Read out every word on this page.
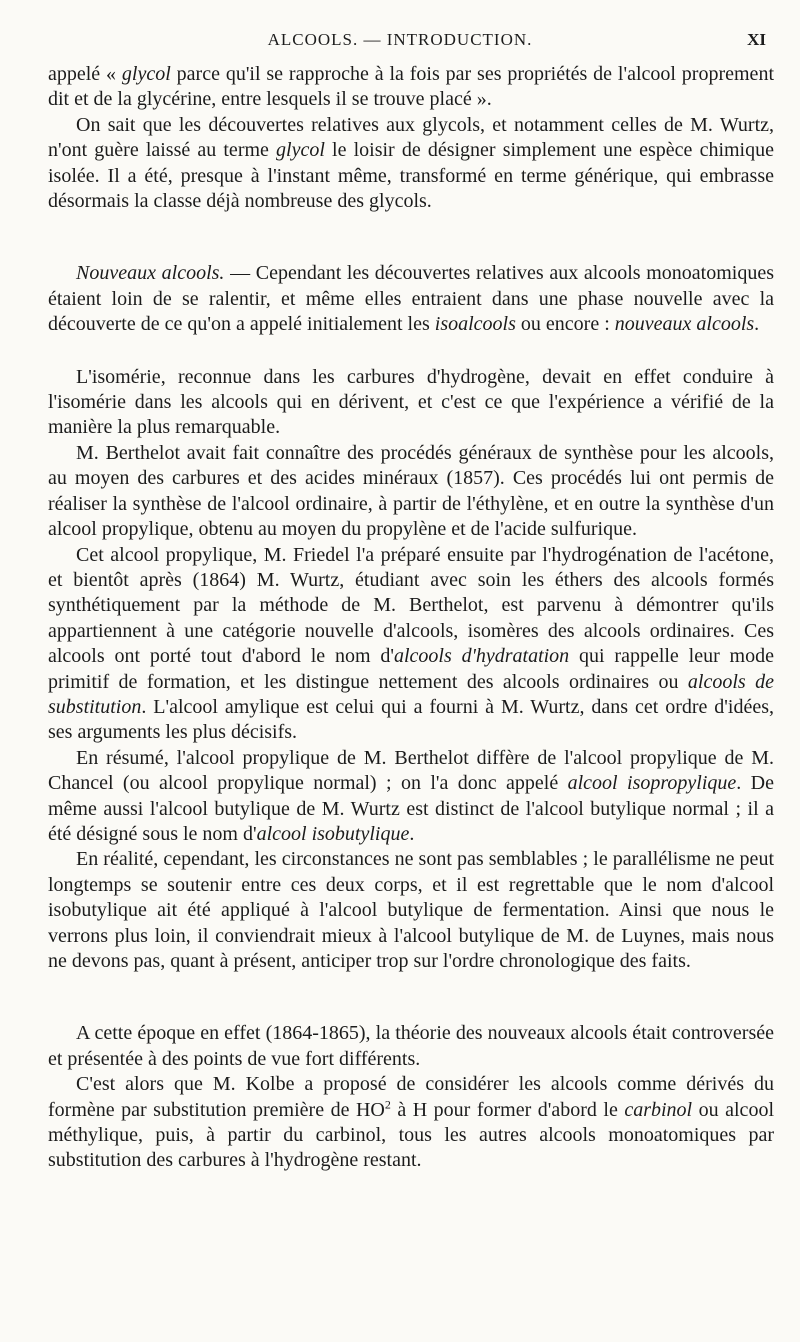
ALCOOLS. — INTRODUCTION.	XI

appelé « glycol parce qu'il se rapproche à la fois par ses propriétés de l'alcool proprement dit et de la glycérine, entre lesquels il se trouve placé ».

On sait que les découvertes relatives aux glycols, et notamment celles de M. Wurtz, n'ont guère laissé au terme glycol le loisir de désigner simplement une espèce chimique isolée. Il a été, presque à l'instant même, transformé en terme générique, qui embrasse désormais la classe déjà nombreuse des glycols.

Nouveaux alcools. — Cependant les découvertes relatives aux alcools monoatomiques étaient loin de se ralentir, et même elles entraient dans une phase nouvelle avec la découverte de ce qu'on a appelé initialement les isoalcools ou encore : nouveaux alcools.

L'isomérie, reconnue dans les carbures d'hydrogène, devait en effet conduire à l'isomérie dans les alcools qui en dérivent, et c'est ce que l'expérience a vérifié de la manière la plus remarquable.

M. Berthelot avait fait connaître des procédés généraux de synthèse pour les alcools, au moyen des carbures et des acides minéraux (1857). Ces procédés lui ont permis de réaliser la synthèse de l'alcool ordinaire, à partir de l'éthylène, et en outre la synthèse d'un alcool propylique, obtenu au moyen du propylène et de l'acide sulfurique.

Cet alcool propylique, M. Friedel l'a préparé ensuite par l'hydrogénation de l'acétone, et bientôt après (1864) M. Wurtz, étudiant avec soin les éthers des alcools formés synthétiquement par la méthode de M. Berthelot, est parvenu à démontrer qu'ils appartiennent à une catégorie nouvelle d'alcools, isomères des alcools ordinaires. Ces alcools ont porté tout d'abord le nom d'alcools d'hydratation qui rappelle leur mode primitif de formation, et les distingue nettement des alcools ordinaires ou alcools de substitution. L'alcool amylique est celui qui a fourni à M. Wurtz, dans cet ordre d'idées, ses arguments les plus décisifs.

En résumé, l'alcool propylique de M. Berthelot diffère de l'alcool propylique de M. Chancel (ou alcool propylique normal) ; on l'a donc appelé alcool isopropylique. De même aussi l'alcool butylique de M. Wurtz est distinct de l'alcool butylique normal ; il a été désigné sous le nom d'alcool isobutylique.

En réalité, cependant, les circonstances ne sont pas semblables ; le parallélisme ne peut longtemps se soutenir entre ces deux corps, et il est regrettable que le nom d'alcool isobutylique ait été appliqué à l'alcool butylique de fermentation. Ainsi que nous le verrons plus loin, il conviendrait mieux à l'alcool butylique de M. de Luynes, mais nous ne devons pas, quant à présent, anticiper trop sur l'ordre chronologique des faits.

A cette époque en effet (1864-1865), la théorie des nouveaux alcools était controversée et présentée à des points de vue fort différents.

C'est alors que M. Kolbe a proposé de considérer les alcools comme dérivés du formène par substitution première de $HO^2$ à H pour former d'abord le carbinol ou alcool méthylique, puis, à partir du carbinol, tous les autres alcools monoatomiques par substitution des carbures à l'hydrogène restant.
